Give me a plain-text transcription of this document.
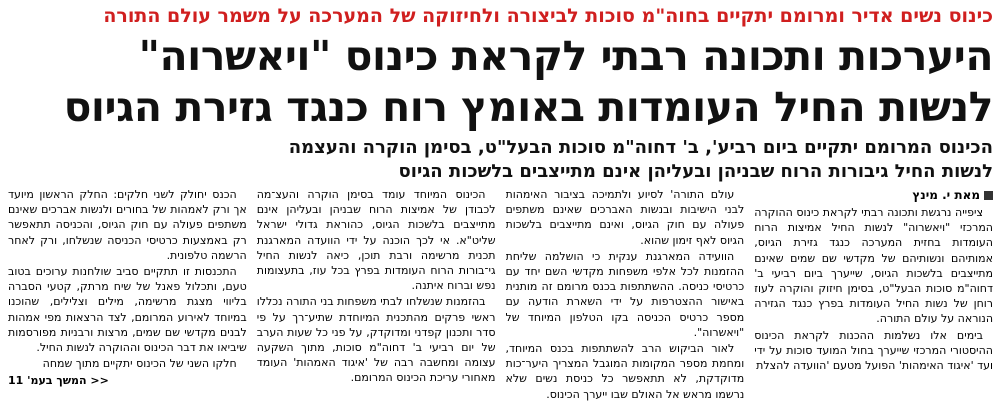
כינוס נשים אדיר ומרומם יתקיים בחוה"מ סוכות לביצורה ולחיזוקה של המערכה על משמר עולם התורה
היערכות ותכונה רבתי לקראת כינוס "ויאשרוה"
לנשות החיל העומדות באומץ רוח כנגד גזירת הגיוס
הכינוס המרומם יתקיים ביום רביע', ב' דחוה"מ סוכות הבעל"ט, בסימן הוקרה והעצמה
לנשות החיל גיבורות הרוח שבניהן ובעליהן אינם מתייצבים בלשכות הגיוס
מאת י. מינץ

ציפייה נרגשת ותכונה רבתי לקראת כינוס ההוקרה המרכזי "ויאשרוה" לנשות החיל אמיצות הרוח העומדות בחזית המערכה כנגד גזירת הגיוס, אמותיהם ונשותיהם של מקדשי שם שמים שאינם מתייצבים בלשכות הגיוס, שייערך ביום רביעי ב' דחוה"מ סוכות הבעל"ט, בסימן חיזוק והוקרה לעוז רוחן של נשות החיל העומדות בפרץ כנגד הגזירה הנוראה על עולם התורה.

בימים אלו נשלמות ההכנות לקראת הכינוס ההיסטורי המרכזי שייערך בחול המועד סוכות על ידי ועד 'איגוד האימהות' הפועל מטעם 'הוועדה להצלת

עולם התורה' לסיוע ולתמיכה בציבור האימהות לבני הישיבות ובנשות האברכים שאינם משתפים פעולה עם חוק הגיוס, ואינם מתייצבים בלשכות הגיוס לאף זימון שהוא.

הוועידה המארגנת ענקית כי הושלמה שליחת ההזמנות לכל אלפי משפחות מקדשי השם יחד עם כרטיסי כניסה. ההשתתפות בכנס מרומם זה מותנית באישור ההצטרפות על ידי השארת הודעה עם מספר כרטיס הכניסה בקו הטלפון המיוחד של "ויאשרוה".

לאור הביקוש הרב להשתתפות בכנס המיוחד, ומחמת מספר המקומות המוגבל המצריך היער־כות מדוקדקת, לא תתאפשר כל כניסת נשים שלא נרשמו מראש אל האולם שבו ייערך הכינוס.

הכינוס המיוחד עומד בסימן הוקרה והעצ־מה לכבודן של אמיצות הרוח שבניהן ובעליהן אינם מתייצבים בלשכות הגיוס, כהוראת גדולי ישראל שליט"א. אי לכך הוכנה על ידי הוועדה המארגנת תכנית מרשימה ורבת תוכן, כיאה לנשות החיל גי־בורות הרוח העומדות בפרץ בכל עוז, בתעצומות נפש וברוח איתנה.

בהזמנות שנשלחו לבתי משפחות בני התורה נכללו ראשי פרקים מהתכנית המיוחדת שתיע־רך על פי סדר ותכנון קפדני ומדוקדק, על פני כל שעות הערב של יום רביעי ב' דחוה"מ סוכות, מתוך השקעה עצומה ומחשבה רבה של 'איגוד האמהות' העומד מאחורי עריכת הכינוס המרומם.

הכנס יחולק לשני חלקים: החלק הראשון מיועד אך ורק לאמהות של בחורים ולנשות אברכים שאינם משתפים פעולה עם חוק הגיוס, והכניסה תתאפשר רק באמצעות כרטיסי הכניסה שנשלחו, ורק לאחר הרשמה טלפונית.

התכנסות זו תתקיים סביב שולחנות ערוכים בטוב טעם, ותכלול פאנל של שיח מרתק, קטעי הסברה בליווי מצגת מרשימה, מילים וצלילים, שהוכנו במיוחד לאירוע המרומם, לצד הרצאות מפי אמהות לבנים מקדשי שם שמים, מרצות ורבניות מפורסמות שיביאו את דבר הכינוס וההוקרה לנשות החיל.

חלקו השני של הכינוס יתקיים מתוך שמחה

<< המשך בעמ' 11
